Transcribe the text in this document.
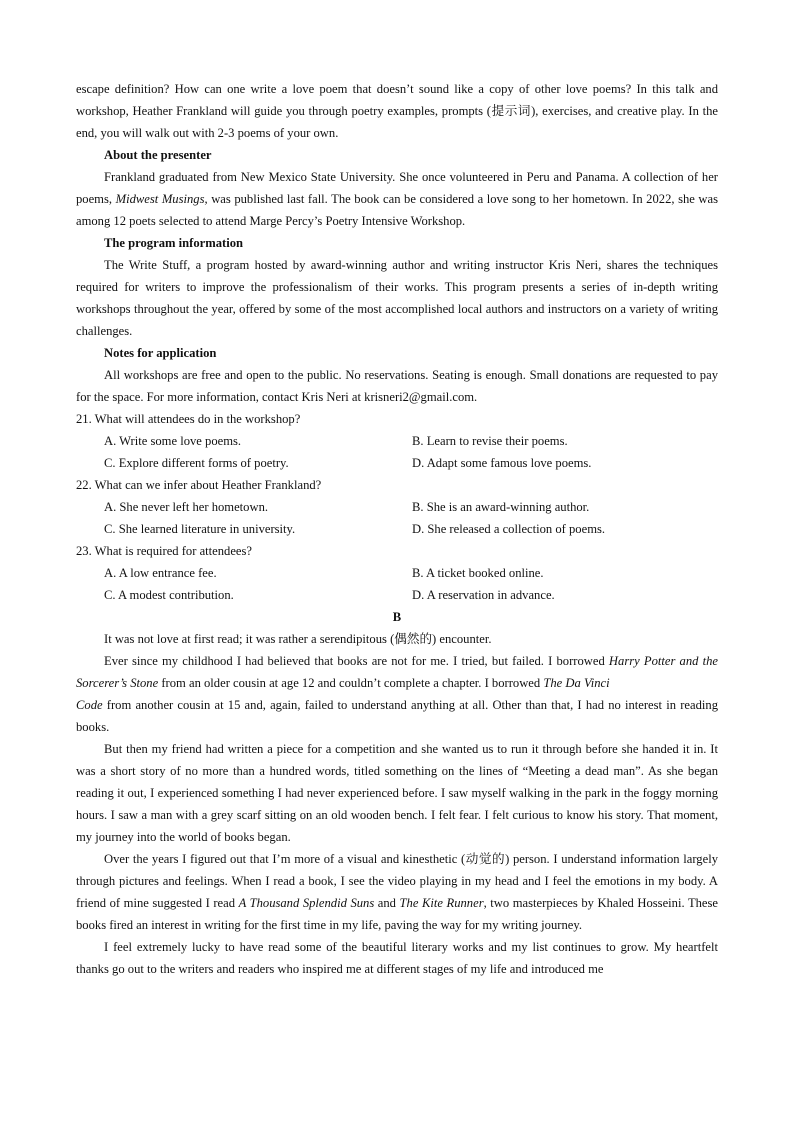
escape definition? How can one write a love poem that doesn’t sound like a copy of other love poems? In this talk and workshop, Heather Frankland will guide you through poetry examples, prompts (提示词), exercises, and creative play. In the end, you will walk out with 2-3 poems of your own.

About the presenter

Frankland graduated from New Mexico State University. She once volunteered in Peru and Panama. A collection of her poems, Midwest Musings, was published last fall. The book can be considered a love song to her hometown. In 2022, she was among 12 poets selected to attend Marge Percy’s Poetry Intensive Workshop.

The program information

The Write Stuff, a program hosted by award-winning author and writing instructor Kris Neri, shares the techniques required for writers to improve the professionalism of their works. This program presents a series of in-depth writing workshops throughout the year, offered by some of the most accomplished local authors and instructors on a variety of writing challenges.

Notes for application

All workshops are free and open to the public. No reservations. Seating is enough. Small donations are requested to pay for the space. For more information, contact Kris Neri at krisneri2@gmail.com.

21. What will attendees do in the workshop?

A. Write some love poems.	B. Learn to revise their poems.
C. Explore different forms of poetry.	D. Adapt some famous love poems.

22. What can we infer about Heather Frankland?

A. She never left her hometown.	B. She is an award-winning author.
C. She learned literature in university.	D. She released a collection of poems.

23. What is required for attendees?

A. A low entrance fee.	B. A ticket booked online.
C. A modest contribution.	D. A reservation in advance.

B

It was not love at first read; it was rather a serendipitous (偶然的) encounter.

Ever since my childhood I had believed that books are not for me. I tried, but failed. I borrowed Harry Potter and the Sorcerer’s Stone from an older cousin at age 12 and couldn’t complete a chapter. I borrowed The Da Vinci

Code from another cousin at 15 and, again, failed to understand anything at all. Other than that, I had no interest in reading books.

But then my friend had written a piece for a competition and she wanted us to run it through before she handed it in. It was a short story of no more than a hundred words, titled something on the lines of “Meeting a dead man”. As she began reading it out, I experienced something I had never experienced before. I saw myself walking in the park in the foggy morning hours. I saw a man with a grey scarf sitting on an old wooden bench. I felt fear. I felt curious to know his story. That moment, my journey into the world of books began.

Over the years I figured out that I’m more of a visual and kinesthetic (动觉的) person. I understand information largely through pictures and feelings. When I read a book, I see the video playing in my head and I feel the emotions in my body. A friend of mine suggested I read A Thousand Splendid Suns and The Kite Runner, two masterpieces by Khaled Hosseini. These books fired an interest in writing for the first time in my life, paving the way for my writing journey.

I feel extremely lucky to have read some of the beautiful literary works and my list continues to grow. My heartfelt thanks go out to the writers and readers who inspired me at different stages of my life and introduced me
